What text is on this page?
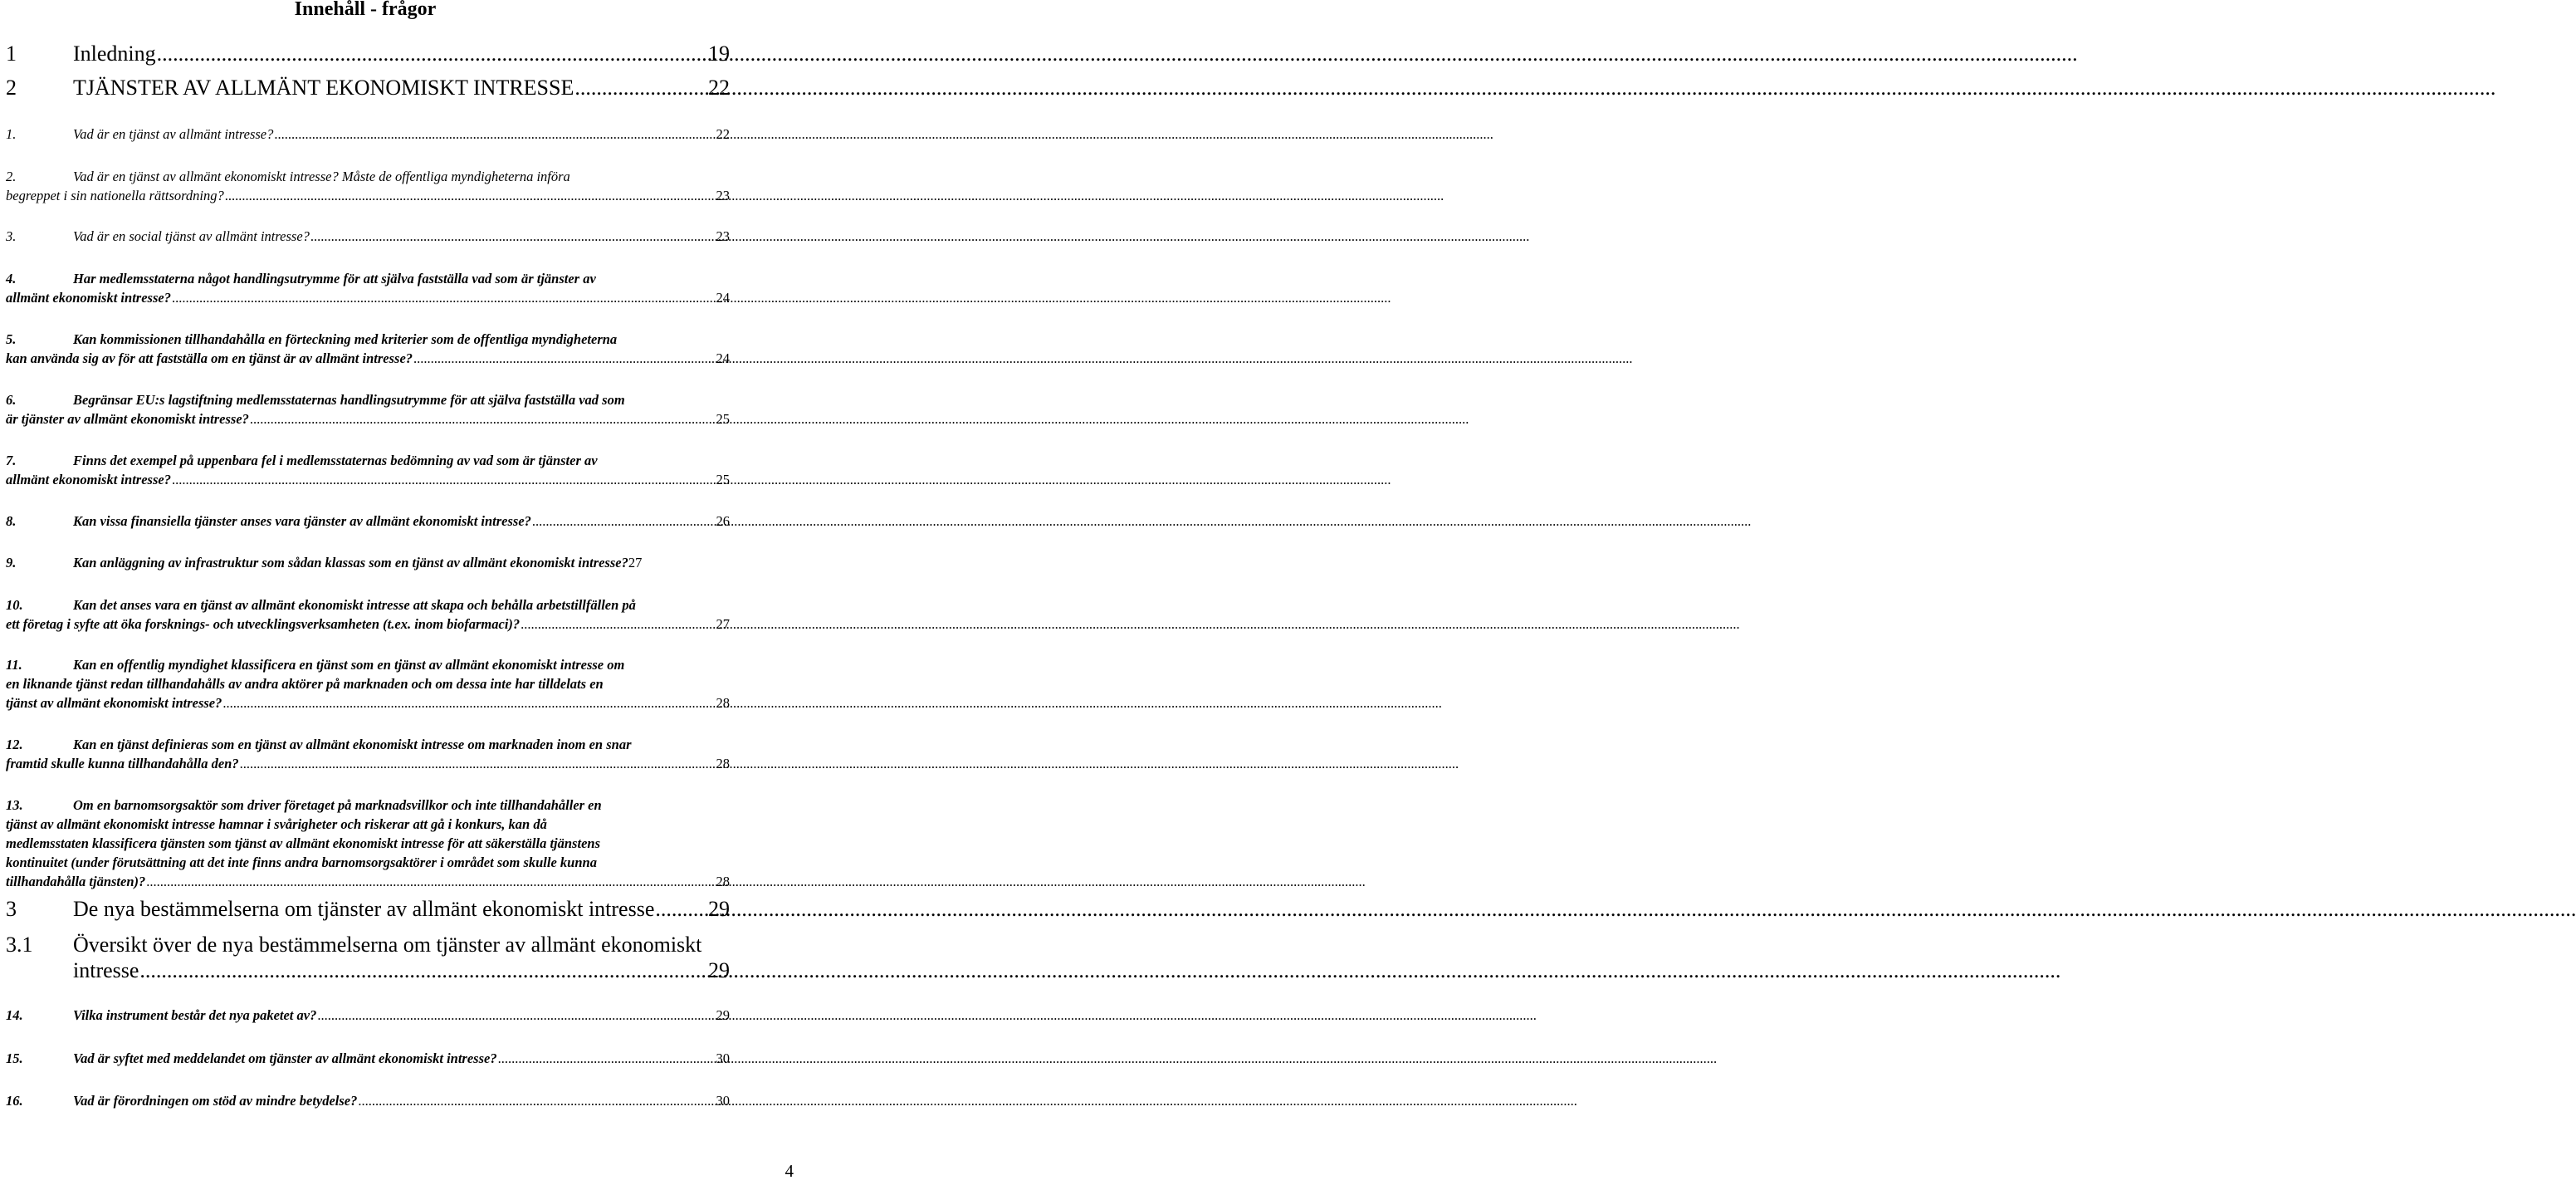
Innehåll - frågor
1	Inledning .....	19
2	TJÄNSTER AV ALLMÄNT EKONOMISKT INTRESSE .....	22
1.	Vad är en tjänst av allmänt intresse? .....	22
2.	Vad är en tjänst av allmänt ekonomiskt intresse? Måste de offentliga myndigheterna införa
begreppet i sin nationella rättsordning? .....	23
3.	Vad är en social tjänst av allmänt intresse? .....	23
4.	Har medlemsstaterna något handlingsutrymme för att själva fastställa vad som är tjänster av
allmänt ekonomiskt intresse? .....	24
5.	Kan kommissionen tillhandahålla en förteckning med kriterier som de offentliga myndigheterna
kan använda sig av för att fastställa om en tjänst är av allmänt intresse? .....	24
6.	Begränsar EU:s lagstiftning medlemsstaternas handlingsutrymme för att själva fastställa vad som
är tjänster av allmänt ekonomiskt intresse? .....	25
7.	Finns det exempel på uppenbara fel i medlemsstaternas bedömning av vad som är tjänster av
allmänt ekonomiskt intresse? .....	25
8.	Kan vissa finansiella tjänster anses vara tjänster av allmänt ekonomiskt intresse? .....	26
9.	Kan anläggning av infrastruktur som sådan klassas som en tjänst av allmänt ekonomiskt intresse? 27
10.	Kan det anses vara en tjänst av allmänt ekonomiskt intresse att skapa och behålla arbetstillfällen på
ett företag i syfte att öka forsknings- och utvecklingsverksamheten (t.ex. inom biofarmaci)? .....	27
11.	Kan en offentlig myndighet klassificera en tjänst som en tjänst av allmänt ekonomiskt intresse om
en liknande tjänst redan tillhandahålls av andra aktörer på marknaden och om dessa inte har tilldelats en
tjänst av allmänt ekonomiskt intresse? .....	28
12.	Kan en tjänst definieras som en tjänst av allmänt ekonomiskt intresse om marknaden inom en snar
framtid skulle kunna tillhandahålla den? .....	28
13.	Om en barnomsorgsaktör som driver företaget på marknadsvillkor och inte tillhandahåller en
tjänst av allmänt ekonomiskt intresse hamnar i svårigheter och riskerar att gå i konkurs, kan då
medlemsstaten klassificera tjänsten som tjänst av allmänt ekonomiskt intresse för att säkerställa tjänstens
kontinuitet (under förutsättning att det inte finns andra barnomsorgsaktörer i området som skulle kunna
tillhandahålla tjänsten)? .....	28
3	De nya bestämmelserna om tjänster av allmänt ekonomiskt intresse ..... 29
3.1	Översikt över de nya bestämmelserna om tjänster av allmänt ekonomiskt
intresse .....	29
14.	Vilka instrument består det nya paketet av? .....	29
15.	Vad är syftet med meddelandet om tjänster av allmänt ekonomiskt intresse? .....	30
16.	Vad är förordningen om stöd av mindre betydelse? .....	30
4
